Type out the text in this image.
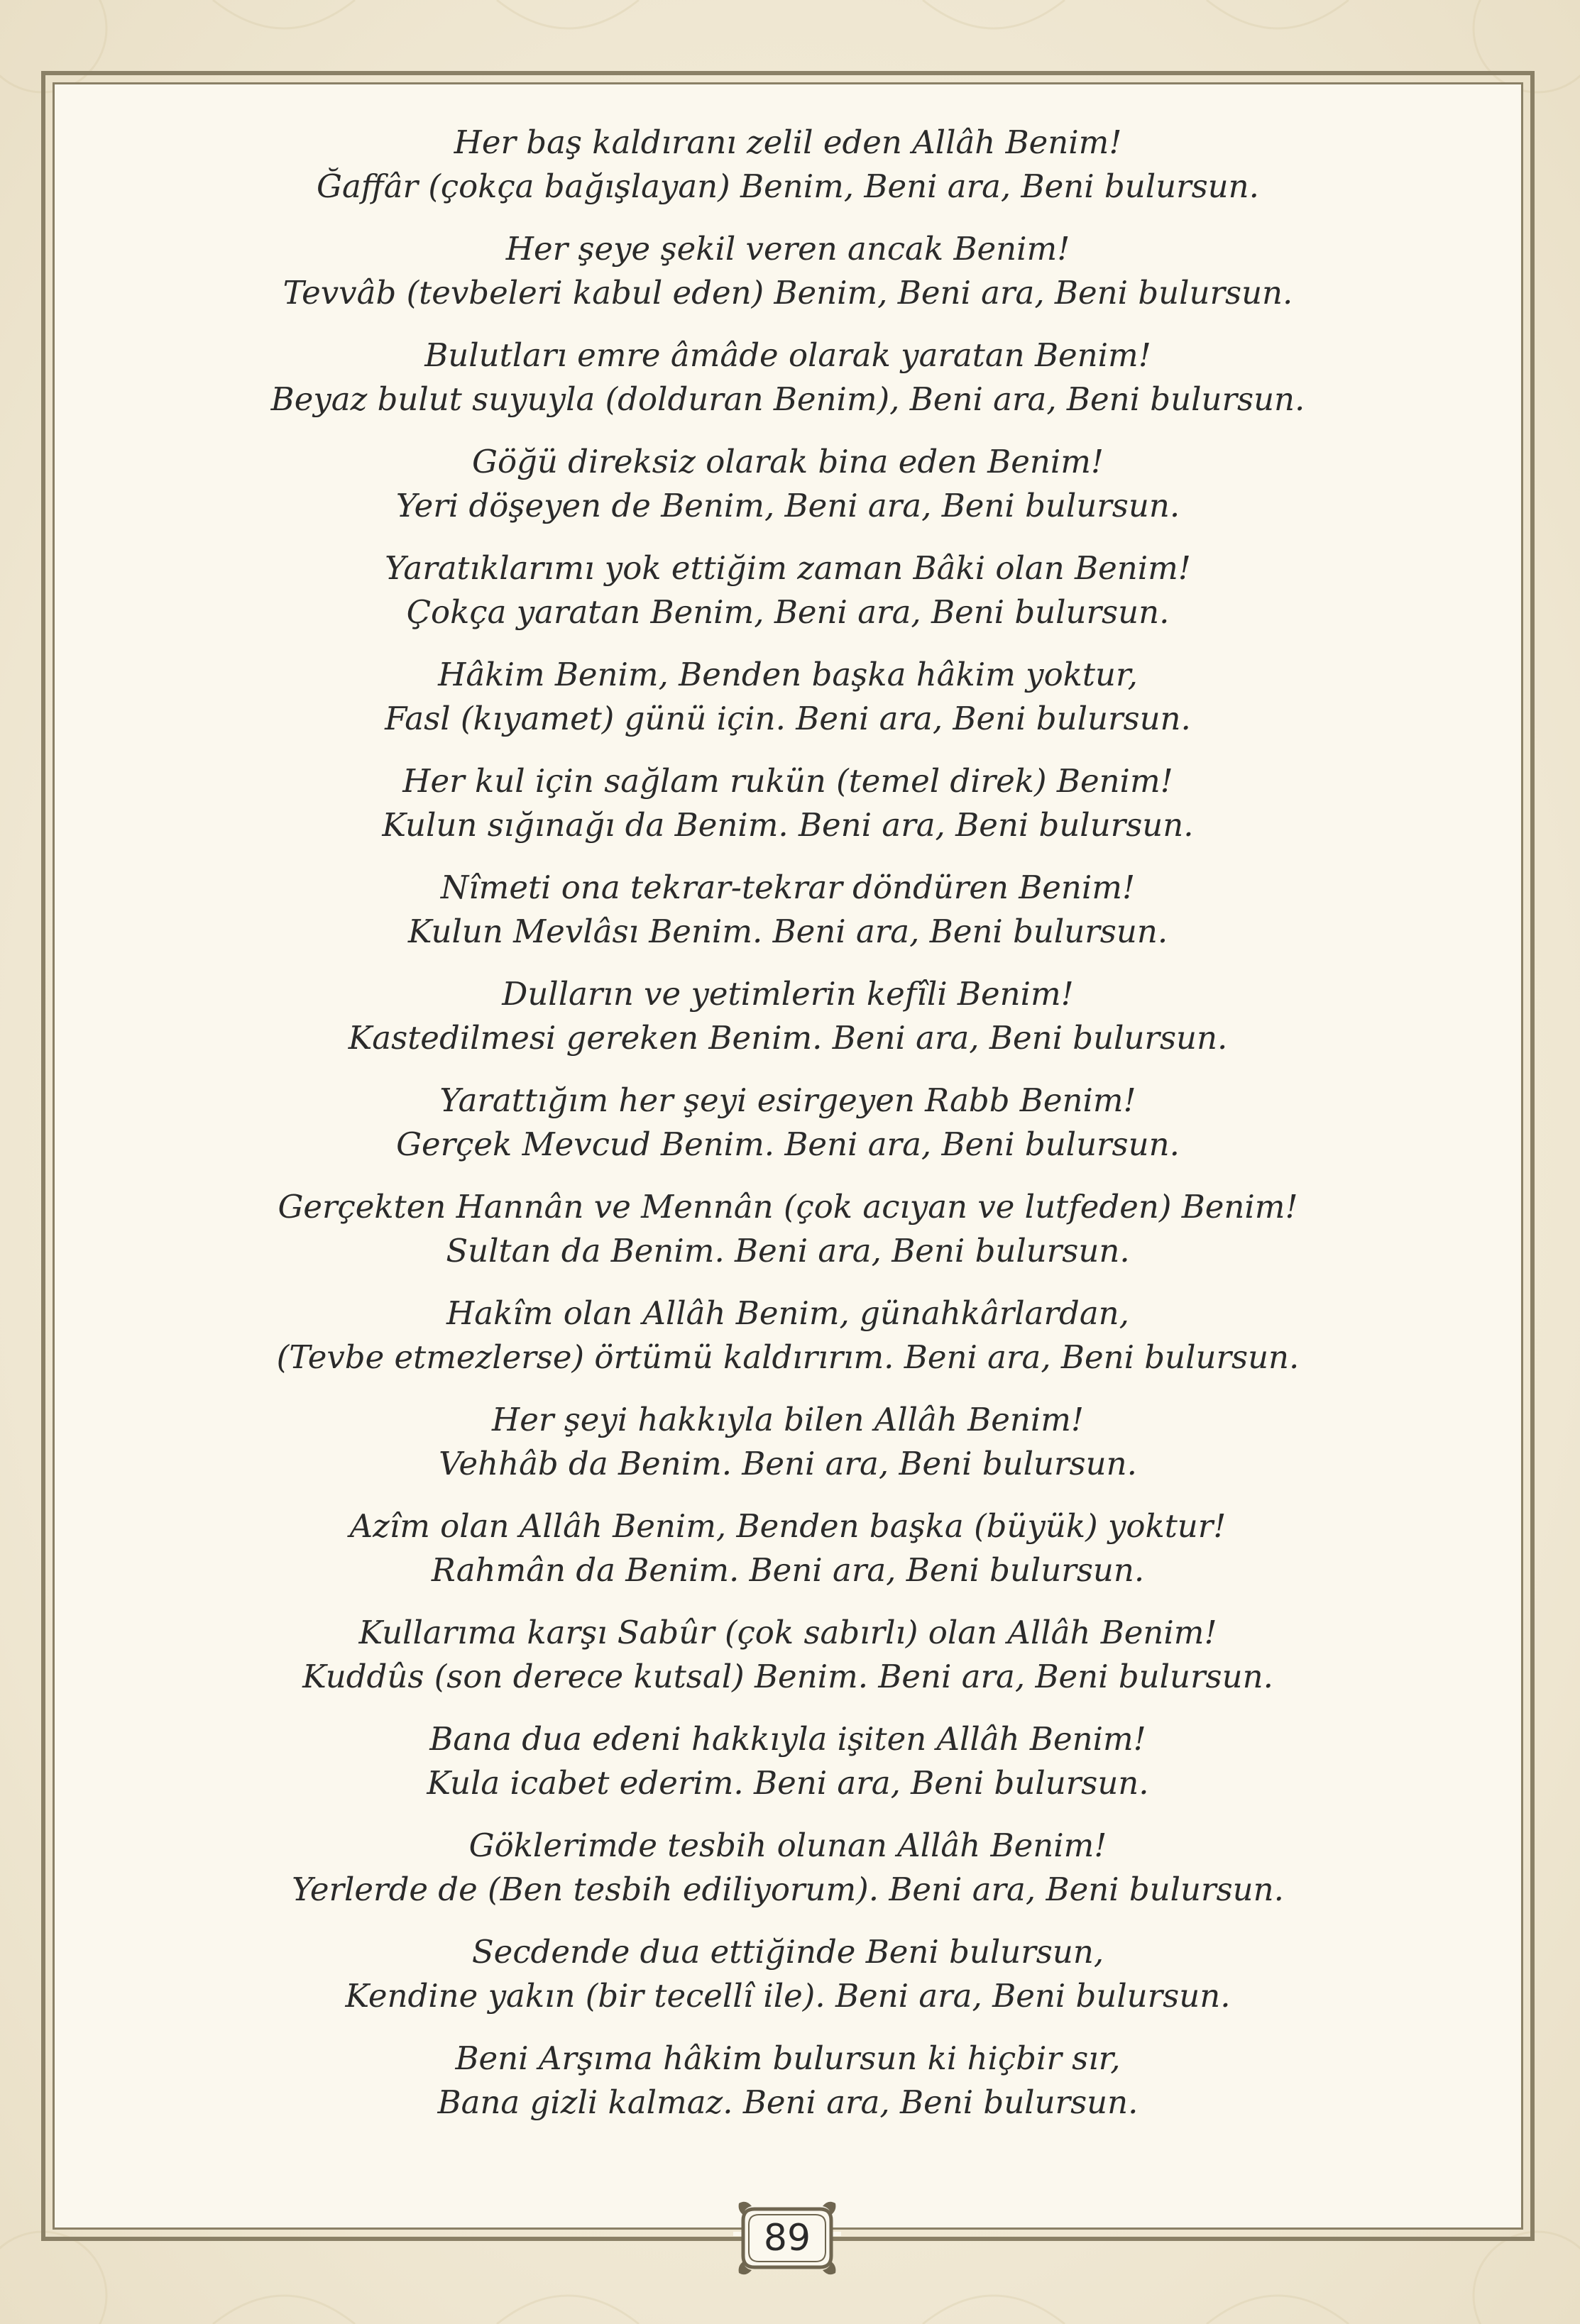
Her baş kaldıranı zelil eden Allâh Benim!
Ğaffâr (çokça bağışlayan) Benim, Beni ara, Beni bulursun.
Her şeye şekil veren ancak Benim!
Tevvâb (tevbeleri kabul eden) Benim, Beni ara, Beni bulursun.
Bulutları emre âmâde olarak yaratan Benim!
Beyaz bulut suyuyla (dolduran Benim), Beni ara, Beni bulursun.
Göğü direksiz olarak bina eden Benim!
Yeri döşeyen de Benim, Beni ara, Beni bulursun.
Yaratıklarımı yok ettiğim zaman Bâki olan Benim!
Çokça yaratan Benim, Beni ara, Beni bulursun.
Hâkim Benim, Benden başka hâkim yoktur,
Fasl (kıyamet) günü için. Beni ara, Beni bulursun.
Her kul için sağlam rukün (temel direk) Benim!
Kulun sığınağı da Benim. Beni ara, Beni bulursun.
Nîmeti ona tekrar-tekrar döndüren Benim!
Kulun Mevlâsı Benim. Beni ara, Beni bulursun.
Dulların ve yetimlerin kefîli Benim!
Kastedilmesi gereken Benim. Beni ara, Beni bulursun.
Yarattığım her şeyi esirgeyen Rabb Benim!
Gerçek Mevcud Benim. Beni ara, Beni bulursun.
Gerçekten Hannân ve Mennân (çok acıyan ve lutfeden) Benim!
Sultan da Benim. Beni ara, Beni bulursun.
Hakîm olan Allâh Benim, günahkârlardan,
(Tevbe etmezlerse) örtümü kaldırırım. Beni ara, Beni bulursun.
Her şeyi hakkıyla bilen Allâh Benim!
Vehhâb da Benim. Beni ara, Beni bulursun.
Azîm olan Allâh Benim, Benden başka (büyük) yoktur!
Rahmân da Benim. Beni ara, Beni bulursun.
Kullarıma karşı Sabûr (çok sabırlı) olan Allâh Benim!
Kuddûs (son derece kutsal) Benim. Beni ara, Beni bulursun.
Bana dua edeni hakkıyla işiten Allâh Benim!
Kula icabet ederim. Beni ara, Beni bulursun.
Göklerimde tesbih olunan Allâh Benim!
Yerlerde de (Ben tesbih ediliyorum). Beni ara, Beni bulursun.
Secdende dua ettiğinde Beni bulursun,
Kendine yakın (bir tecellî ile). Beni ara, Beni bulursun.
Beni Arşıma hâkim bulursun ki hiçbir sır,
Bana gizli kalmaz. Beni ara, Beni bulursun.
89
